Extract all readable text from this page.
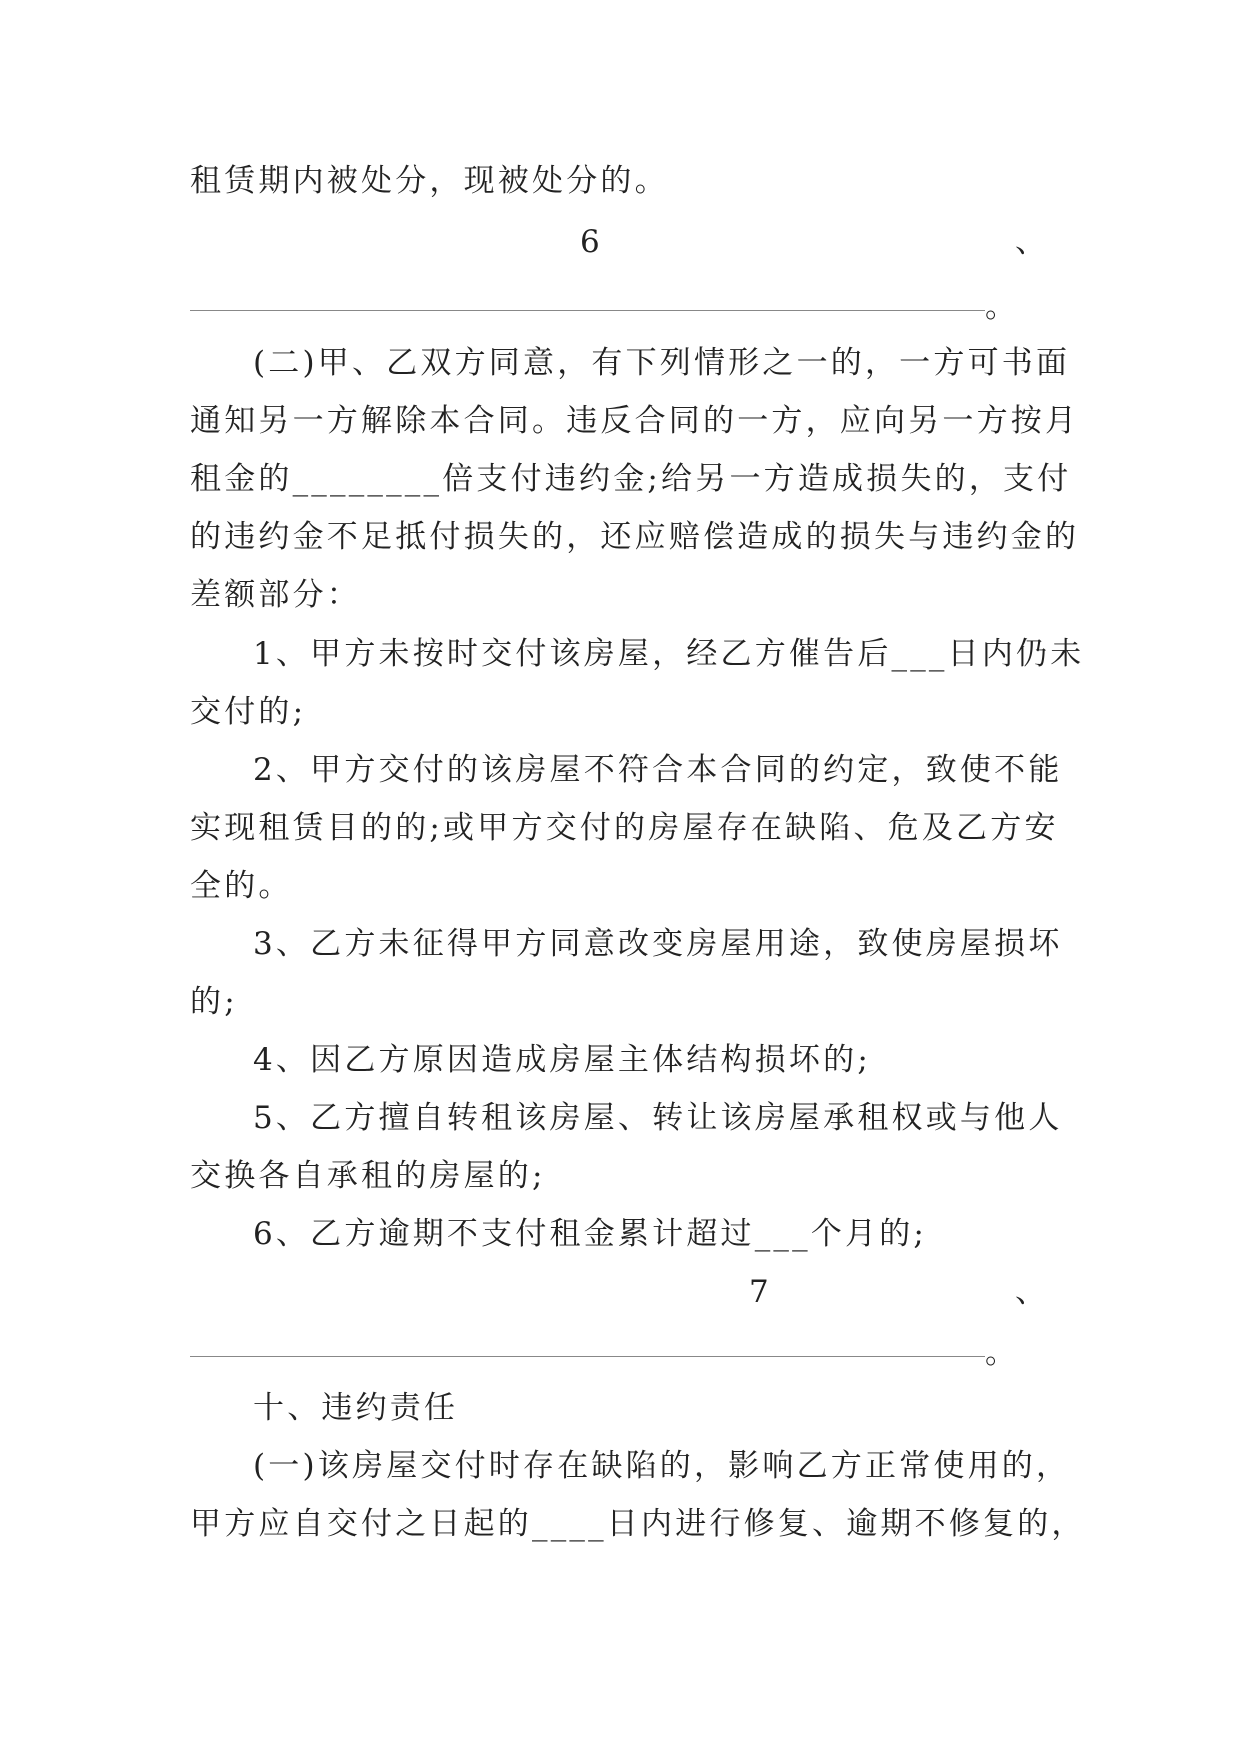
租赁期内被处分，现被处分的。
6	、
。
(二)甲、乙双方同意，有下列情形之一的，一方可书面
通知另一方解除本合同。违反合同的一方，应向另一方按月
租金的________倍支付违约金;给另一方造成损失的，支付
的违约金不足抵付损失的，还应赔偿造成的损失与违约金的
差额部分：
1、甲方未按时交付该房屋，经乙方催告后___日内仍未
交付的;
2、甲方交付的该房屋不符合本合同的约定，致使不能
实现租赁目的的;或甲方交付的房屋存在缺陷、危及乙方安
全的。
3、乙方未征得甲方同意改变房屋用途，致使房屋损坏
的;
4、因乙方原因造成房屋主体结构损坏的;
5、乙方擅自转租该房屋、转让该房屋承租权或与他人
交换各自承租的房屋的;
6、乙方逾期不支付租金累计超过___个月的;
7	、
。
十、违约责任
(一)该房屋交付时存在缺陷的，影响乙方正常使用的，
甲方应自交付之日起的____日内进行修复、逾期不修复的，
